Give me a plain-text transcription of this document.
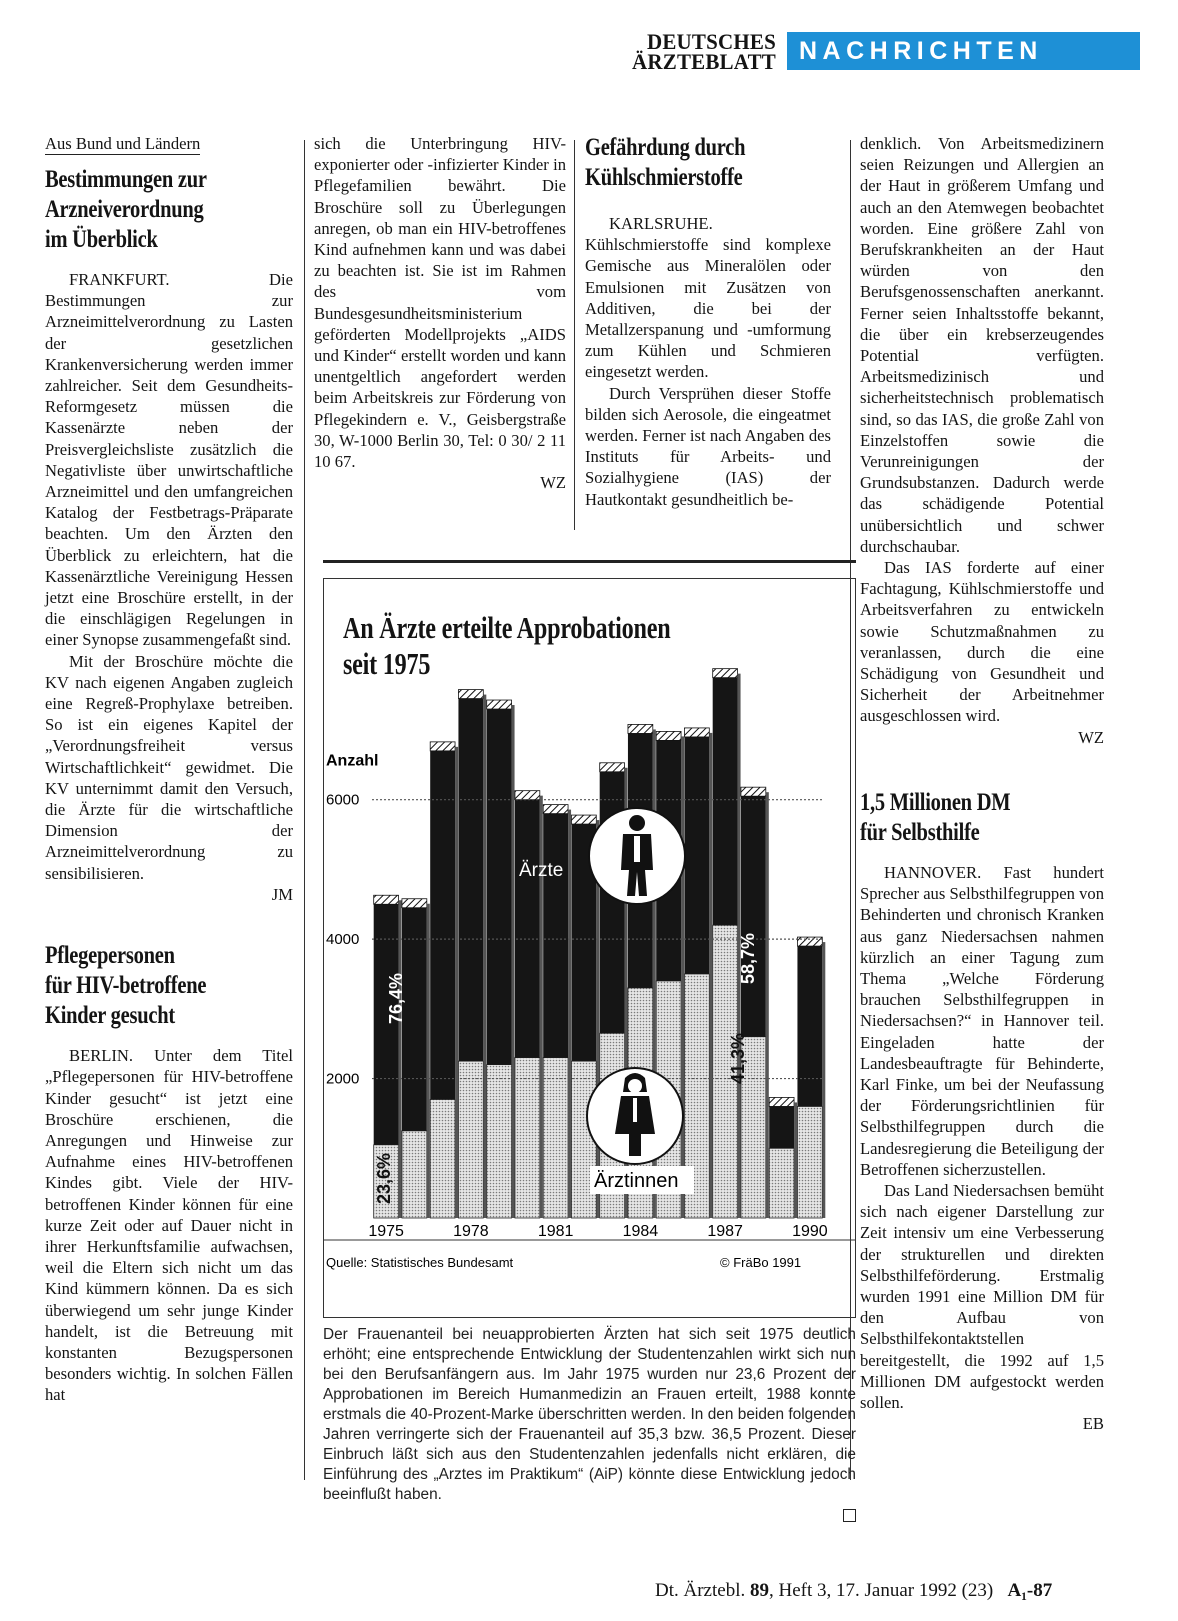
DEUTSCHES
ÄRZTEBLATT NACHRICHTEN
Aus Bund und Ländern
Bestimmungen zur
Arzneiverordnung
im Überblick

FRANKFURT. Die Bestimmungen zur Arzneimittelverordnung zu Lasten der gesetzlichen Krankenversicherung werden immer zahlreicher. Seit dem Gesundheits-Reformgesetz müssen die Kassenärzte neben der Preisvergleichsliste zusätzlich die Negativliste über unwirtschaftliche Arzneimittel und den umfangreichen Katalog der Festbetrags-Präparate beachten. Um den Ärzten den Überblick zu erleichtern, hat die Kassenärztliche Vereinigung Hessen jetzt eine Broschüre erstellt, in der die einschlägigen Regelungen in einer Synopse zusammengefaßt sind.

Mit der Broschüre möchte die KV nach eigenen Angaben zugleich eine Regreß-Prophylaxe betreiben. So ist ein eigenes Kapitel der „Verordnungsfreiheit versus Wirtschaftlichkeit“ gewidmet. Die KV unternimmt damit den Versuch, die Ärzte für die wirtschaftliche Dimension der Arzneimittelverordnung zu sensibilisieren.

JM
Pflegepersonen
für HIV-betroffene
Kinder gesucht

BERLIN. Unter dem Titel „Pflegepersonen für HIV-betroffene Kinder gesucht“ ist jetzt eine Broschüre erschienen, die Anregungen und Hinweise zur Aufnahme eines HIV-betroffenen Kindes gibt. Viele der HIV-betroffenen Kinder können für eine kurze Zeit oder auf Dauer nicht in ihrer Herkunftsfamilie aufwachsen, weil die Eltern sich nicht um das Kind kümmern können. Da es sich überwiegend um sehr junge Kinder handelt, ist die Betreuung mit konstanten Bezugspersonen besonders wichtig. In solchen Fällen hat

sich die Unterbringung HIV-exponierter oder -infizierter Kinder in Pflegefamilien bewährt. Die Broschüre soll zu Überlegungen anregen, ob man ein HIV-betroffenes Kind aufnehmen kann und was dabei zu beachten ist. Sie ist im Rahmen des vom Bundesgesundheitsministerium geförderten Modellprojekts „AIDS und Kinder“ erstellt worden und kann unentgeltlich angefordert werden beim Arbeitskreis zur Förderung von Pflegekindern e. V., Geisbergstraße 30, W-1000 Berlin 30, Tel: 0 30/ 2 11 10 67.

WZ
Gefährdung durch
Kühlschmierstoffe

KARLSRUHE. Kühlschmierstoffe sind komplexe Gemische aus Mineralölen oder Emulsionen mit Zusätzen von Additiven, die bei der Metallzerspanung und -umformung zum Kühlen und Schmieren eingesetzt werden.

Durch Versprühen dieser Stoffe bilden sich Aerosole, die eingeatmet werden. Ferner ist nach Angaben des Instituts für Arbeits- und Sozialhygiene (IAS) der Hautkontakt gesundheitlich be-

denklich. Von Arbeitsmedizinern seien Reizungen und Allergien an der Haut in größerem Umfang und auch an den Atemwegen beobachtet worden. Eine größere Zahl von Berufskrankheiten an der Haut würden von den Berufsgenossenschaften anerkannt. Ferner seien Inhaltsstoffe bekannt, die über ein krebserzeugendes Potential verfügten. Arbeitsmedizinisch und sicherheitstechnisch problematisch sind, so das IAS, die große Zahl von Einzelstoffen sowie die Verunreinigungen der Grundsubstanzen. Dadurch werde das schädigende Potential unübersichtlich und schwer durchschaubar.

Das IAS forderte auf einer Fachtagung, Kühlschmierstoffe und Arbeitsverfahren zu entwickeln sowie Schutzmaßnahmen zu veranlassen, durch die eine Schädigung von Gesundheit und Sicherheit der Arbeitnehmer ausgeschlossen wird.

WZ
1,5 Millionen DM
für Selbsthilfe

HANNOVER. Fast hundert Sprecher aus Selbsthilfegruppen von Behinderten und chronisch Kranken aus ganz Niedersachsen nahmen kürzlich an einer Tagung zum Thema „Welche Förderung brauchen Selbsthilfegruppen in Niedersachsen?“ in Hannover teil. Eingeladen hatte der Landesbeauftragte für Behinderte, Karl Finke, um bei der Neufassung der Förderungsrichtlinien für Selbsthilfegruppen durch die Landesregierung die Beteiligung der Betroffenen sicherzustellen.

Das Land Niedersachsen bemüht sich nach eigener Darstellung zur Zeit intensiv um eine Verbesserung der strukturellen und direkten Selbsthilfeförderung. Erstmalig wurden 1991 eine Million DM für den Aufbau von Selbsthilfekontaktstellen bereitgestellt, die 1992 auf 1,5 Millionen DM aufgestockt werden sollen.

EB
2000
4000
6000
1975	1978	1981	1984	1987	1990
Anzahl
Ärzte
Ärztinnen
76,4%
23,6%
58,7%
41,3%
Quelle: Statistisches Bundesamt	© FräBo 1991
An Ärzte erteilte Approbationen seit 1975
Der Frauenanteil bei neuapprobierten Ärzten hat sich seit 1975 deutlich erhöht; eine entsprechende Entwicklung der Studentenzahlen wirkt sich nun bei den Berufsanfängern aus. Im Jahr 1975 wurden nur 23,6 Prozent der Approbationen im Bereich Humanmedizin an Frauen erteilt, 1988 konnte erstmals die 40-Prozent-Marke überschritten werden. In den beiden folgenden Jahren verringerte sich der Frauenanteil auf 35,3 bzw. 36,5 Prozent. Dieser Einbruch läßt sich aus den Studentenzahlen jedenfalls nicht erklären, die Einführung des „Arztes im Praktikum“ (AiP) könnte diese Entwicklung jedoch beeinflußt haben.
Dt. Ärztebl. 89, Heft 3, 17. Januar 1992 (23) A₁-87
